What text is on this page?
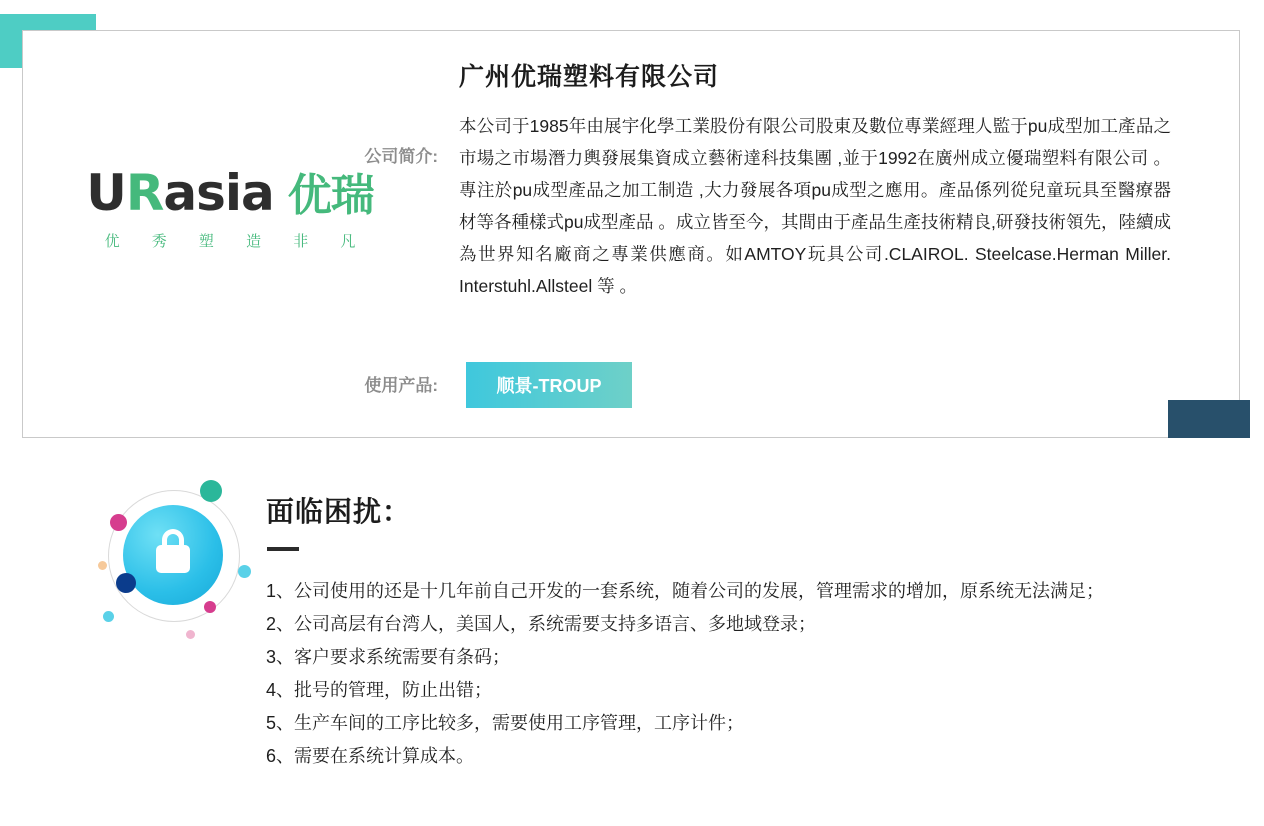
URasia 优瑞
优 秀 塑 造 非 凡
公司简介:
广州优瑞塑料有限公司
本公司于1985年由展宇化學工業股份有限公司股東及數位專業經理人監于pu成型加工產品之市場之市場潛力輿發展集資成立藝術達科技集團 ,並于1992在廣州成立優瑞塑料有限公司 。專注於pu成型產品之加工制造 ,大力發展各項pu成型之應用。產品係列從兒童玩具至醫療器材等各種樣式pu成型產品 。成立皆至今，其間由于產品生產技術精良,研發技術領先，陸續成為世界知名廠商之專業供應商。如AMTOY玩具公司.CLAIROL. Steelcase.Herman Miller. Interstuhl.Allsteel 等 。
使用产品:	顺景-TROUP
面临困扰：

1、公司使用的还是十几年前自己开发的一套系统，随着公司的发展，管理需求的增加，原系统无法满足；

2、公司高层有台湾人，美国人，系统需要支持多语言、多地域登录；

3、客户要求系统需要有条码；

4、批号的管理，防止出错；

5、生产车间的工序比较多，需要使用工序管理，工序计件；

6、需要在系统计算成本。
